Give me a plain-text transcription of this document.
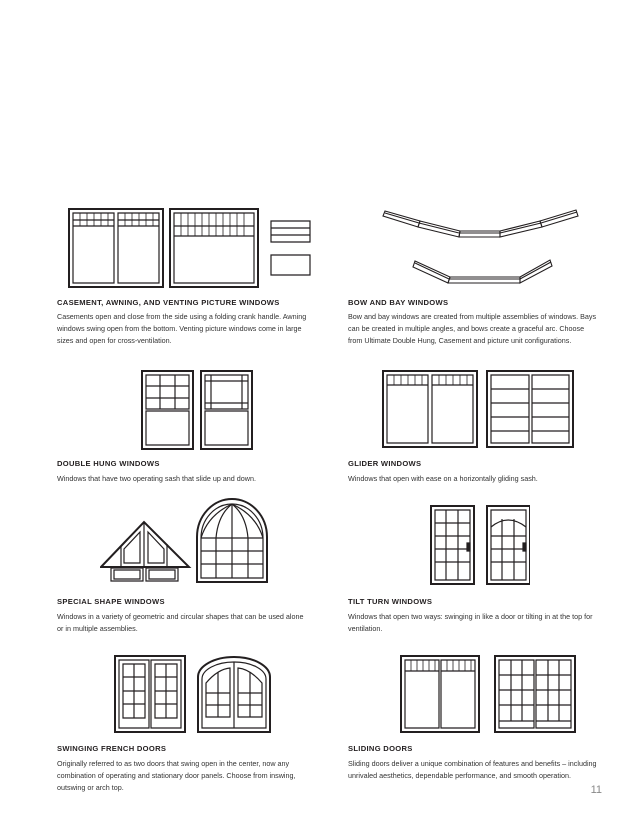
CASEMENT, AWNING, AND VENTING PICTURE WINDOWS
Casements open and close from the side using a folding crank handle. Awning windows swing open from the bottom. Venting picture windows come in large sizes and open for cross-ventilation.
BOW AND BAY WINDOWS
Bow and bay windows are created from multiple assemblies of windows. Bays can be created in multiple angles, and bows create a graceful arc. Choose from Ultimate Double Hung, Casement and picture unit configurations.
DOUBLE HUNG WINDOWS
Windows that have two operating sash that slide up and down.
GLIDER WINDOWS
Windows that open with ease on a horizontally gliding sash.
SPECIAL SHAPE WINDOWS
Windows in a variety of geometric and circular shapes that can be used alone or in multiple assemblies.
TILT TURN WINDOWS
Windows that open two ways: swinging in like a door or tilting in at the top for ventilation.
SWINGING FRENCH DOORS
Originally referred to as two doors that swing open in the center, now any combination of operating and stationary door panels. Choose from inswing, outswing or arch top.
SLIDING DOORS
Sliding doors deliver a unique combination of features and benefits – including unrivaled aesthetics, dependable performance, and smooth operation.
11
